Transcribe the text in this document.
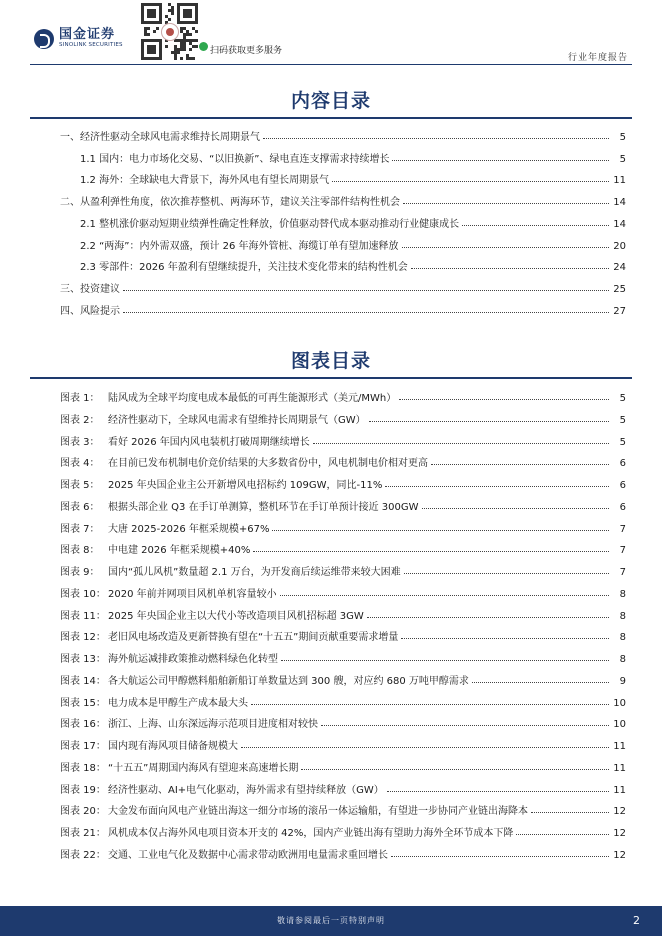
国金证券
SINOLINK SECURITIES
扫码获取更多服务
行业年度报告
内容目录
一、经济性驱动全球风电需求维持长周期景气	5
1.1 国内：电力市场化交易、“以旧换新”、绿电直连支撑需求持续增长	5
1.2 海外：全球缺电大背景下，海外风电有望长周期景气	11
二、从盈利弹性角度，依次推荐整机、两海环节，建议关注零部件结构性机会	14
2.1 整机涨价驱动短期业绩弹性确定性释放，价值驱动替代成本驱动推动行业健康成长	14
2.2 “两海”：内外需双盛，预计 26 年海外管桩、海缆订单有望加速释放	20
2.3 零部件：2026 年盈利有望继续提升，关注技术变化带来的结构性机会	24
三、投资建议	25
四、风险提示	27
图表目录
图表 1： 陆风成为全球平均度电成本最低的可再生能源形式（美元/MWh）	5
图表 2： 经济性驱动下，全球风电需求有望维持长周期景气（GW）	5
图表 3： 看好 2026 年国内风电装机打破周期继续增长	5
图表 4： 在目前已发布机制电价竞价结果的大多数省份中，风电机制电价相对更高	6
图表 5： 2025 年央国企业主公开新增风电招标约 109GW，同比-11%	6
图表 6： 根据头部企业 Q3 在手订单测算，整机环节在手订单预计接近 300GW	6
图表 7： 大唐 2025-2026 年框采规模+67%	7
图表 8： 中电建 2026 年框采规模+40%	7
图表 9： 国内“孤儿风机”数量超 2.1 万台，为开发商后续运维带来较大困难	7
图表 10： 2020 年前并网项目风机单机容量较小	8
图表 11： 2025 年央国企业主以大代小等改造项目风机招标超 3GW	8
图表 12： 老旧风电场改造及更新替换有望在“十五五”期间贡献重要需求增量	8
图表 13： 海外航运减排政策推动燃料绿色化转型	8
图表 14： 各大航运公司甲醇燃料船舶新船订单数量达到 300 艘，对应约 680 万吨甲醇需求	9
图表 15： 电力成本是甲醇生产成本最大头	10
图表 16： 浙江、上海、山东深远海示范项目进度相对较快	10
图表 17： 国内现有海风项目储备规模大	11
图表 18： “十五五”周期国内海风有望迎来高速增长期	11
图表 19： 经济性驱动、AI+电气化驱动，海外需求有望持续释放（GW）	11
图表 20： 大金发布面向风电产业链出海这一细分市场的滚吊一体运输船，有望进一步协同产业链出海降本	12
图表 21： 风机成本仅占海外风电项目资本开支的 42%，国内产业链出海有望助力海外全环节成本下降	12
图表 22： 交通、工业电气化及数据中心需求带动欧洲用电量需求重回增长	12
敬请参阅最后一页特别声明	2
